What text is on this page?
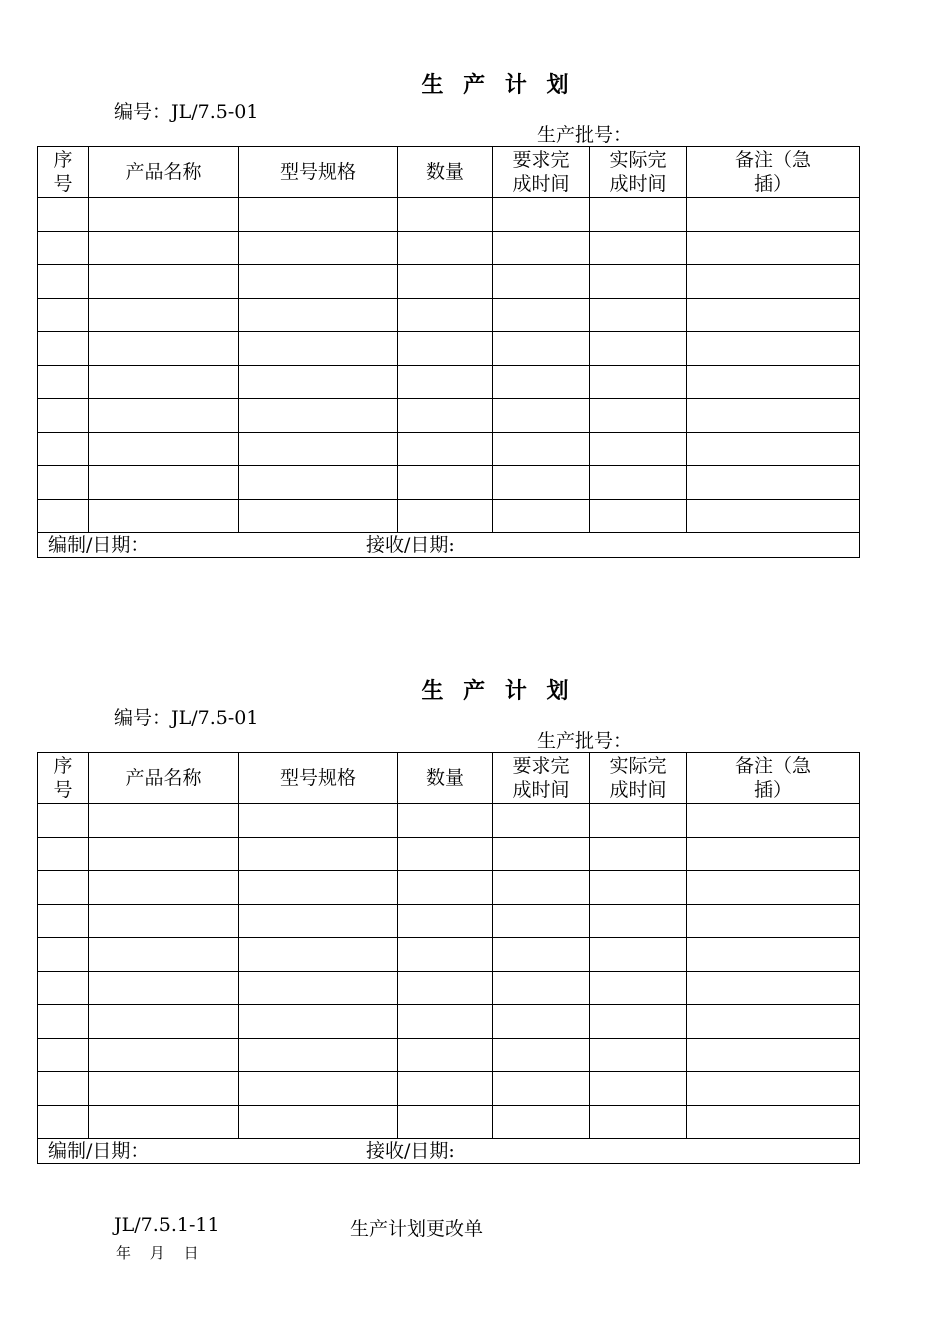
生 产 计 划
编号：JL/7.5-01
生产批号：
序号	产品名称	型号规格	数量	要求完成时间	实际完成时间	备注（急插）

编制/日期： 接收/日期:						
生 产 计 划
编号：JL/7.5-01
生产批号：
序号	产品名称	型号规格	数量	要求完成时间	实际完成时间	备注（急插）

编制/日期： 接收/日期:						
JL/7.5.1-11	生产计划更改单
年 月 日
